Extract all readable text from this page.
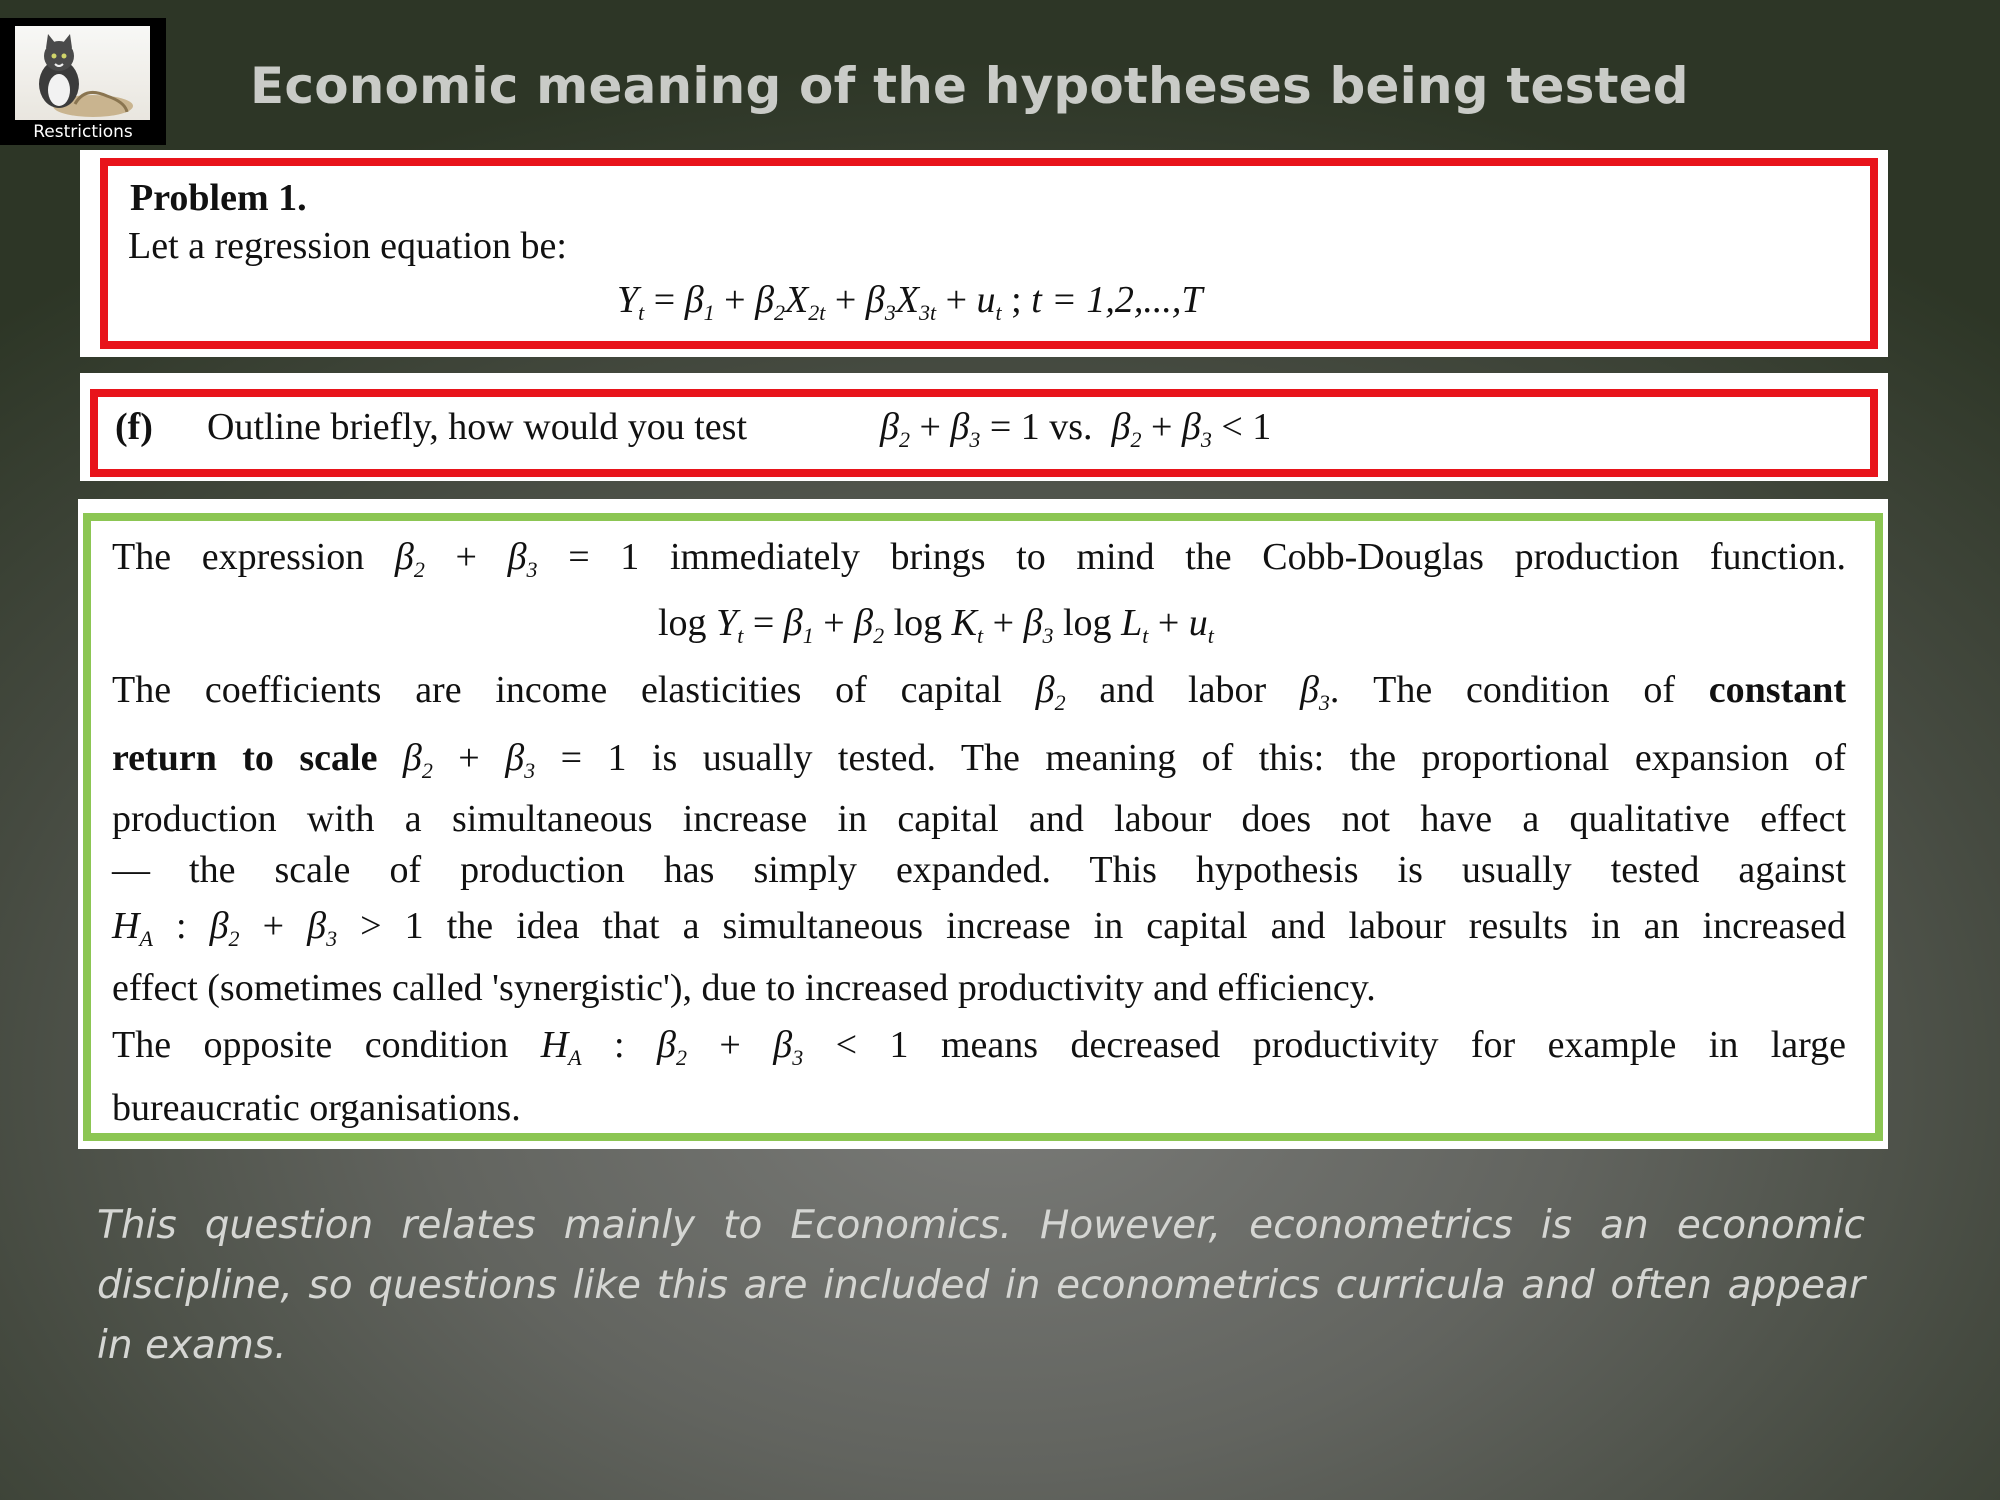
Restrictions
Economic meaning of the hypotheses being tested
Problem 1.
Let a regression equation be:
$Y_t = \beta_1 + \beta_2X_{2t} + \beta_3X_{3t} + u_t$ ; t = 1,2,...,T
(f) Outline briefly, how would you test	$\beta_2 + \beta_3 = 1$ vs. $\beta_2 + \beta_3 < 1$
The expression $\beta_2 + \beta_3 = 1$ immediately brings to mind the Cobb-Douglas production function.
$\log Y_t = \beta_1 + \beta_2$ $\log K_t + \beta_3$ $\log L_t + u_t$
The coefficients are income elasticities of capital $\beta_2$ and labor $\beta_3$. The condition of constant
return to scale $\beta_2 + \beta_3 = 1$ is usually tested. The meaning of this: the proportional expansion of
production with a simultaneous increase in capital and labour does not have a qualitative effect
— the scale of production has simply expanded. This hypothesis is usually tested against
$H_A$ : $\beta_2 + \beta_3 > 1$ the idea that a simultaneous increase in capital and labour results in an increased
effect (sometimes called 'synergistic'), due to increased productivity and efficiency.
The opposite condition $H_A$ : $\beta_2 + \beta_3 < 1$ means decreased productivity for example in large
bureaucratic organisations.

This question relates mainly to Economics. However, econometrics is an economic discipline, so questions like this are included in econometrics curricula and often appear in exams.
